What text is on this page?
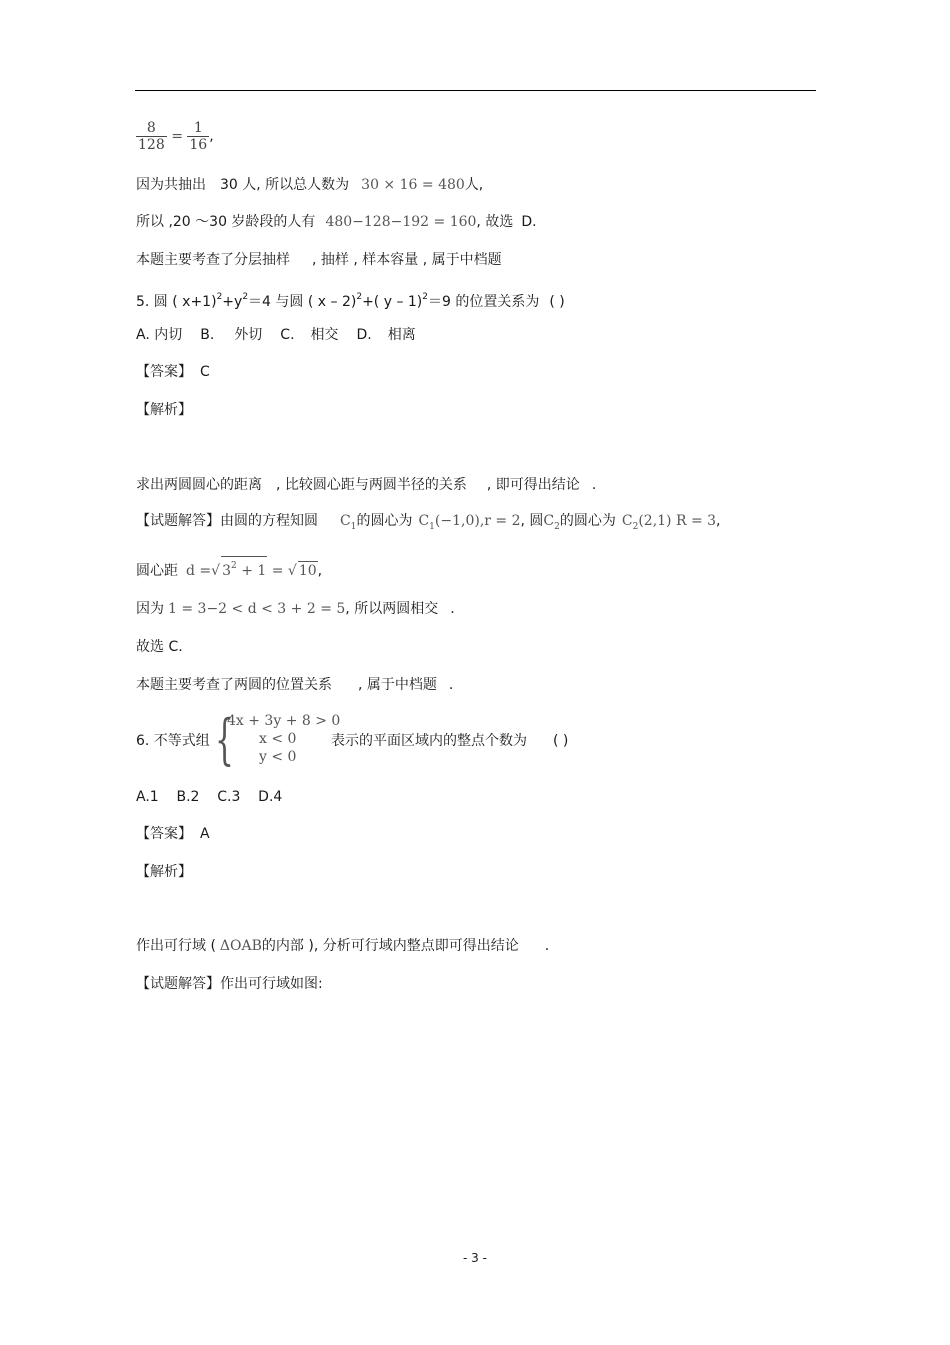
$\frac{8}{128} = \frac{1}{16}$ ,
因为共抽出 30 人, 所以总人数为 30 × 16 = 480人,
所以 ,20 ～30 岁龄段的人有 480−128−192 = 160, 故选 D.
本题主要考查了分层抽样 , 抽样 , 样本容量 , 属于中档题
5. 圆 ( $x+1)^2+y^2=4$ 与圆 ( x – 2)$^2$+( y – 1)$^2$＝9 的位置关系为 ( )
A. 内切 B. 外切 C. 相交 D. 相离
【答案】 C
【解析】
求出两圆圆心的距离 , 比较圆心距与两圆半径的关系 , 即可得出结论 .
【试题解答】由圆的方程知圆 $C_1$的圆心为 $C_1(-1,0),r = 2$, 圆$C_2$的圆心为 $C_2(2,1) R = 3$,
圆心距 d =√ $3^2 + 1$ = √ 10,
因为 1 = 3−2 < d < 3 + 2 = 5, 所以两圆相交 .
故选 C.
本题主要考查了两圆的位置关系 , 属于中档题 .
6. 不等式组 {
4x + 3y + 8 > 0
x < 0
y < 0
表示的平面区域内的整点个数为 ( )
A.1    B.2    C.3    D.4
【答案】 A
【解析】
作出可行域 ( ΔOAB的内部 ), 分析可行域内整点即可得出结论 .
【试题解答】作出可行域如图:
- 3 -
